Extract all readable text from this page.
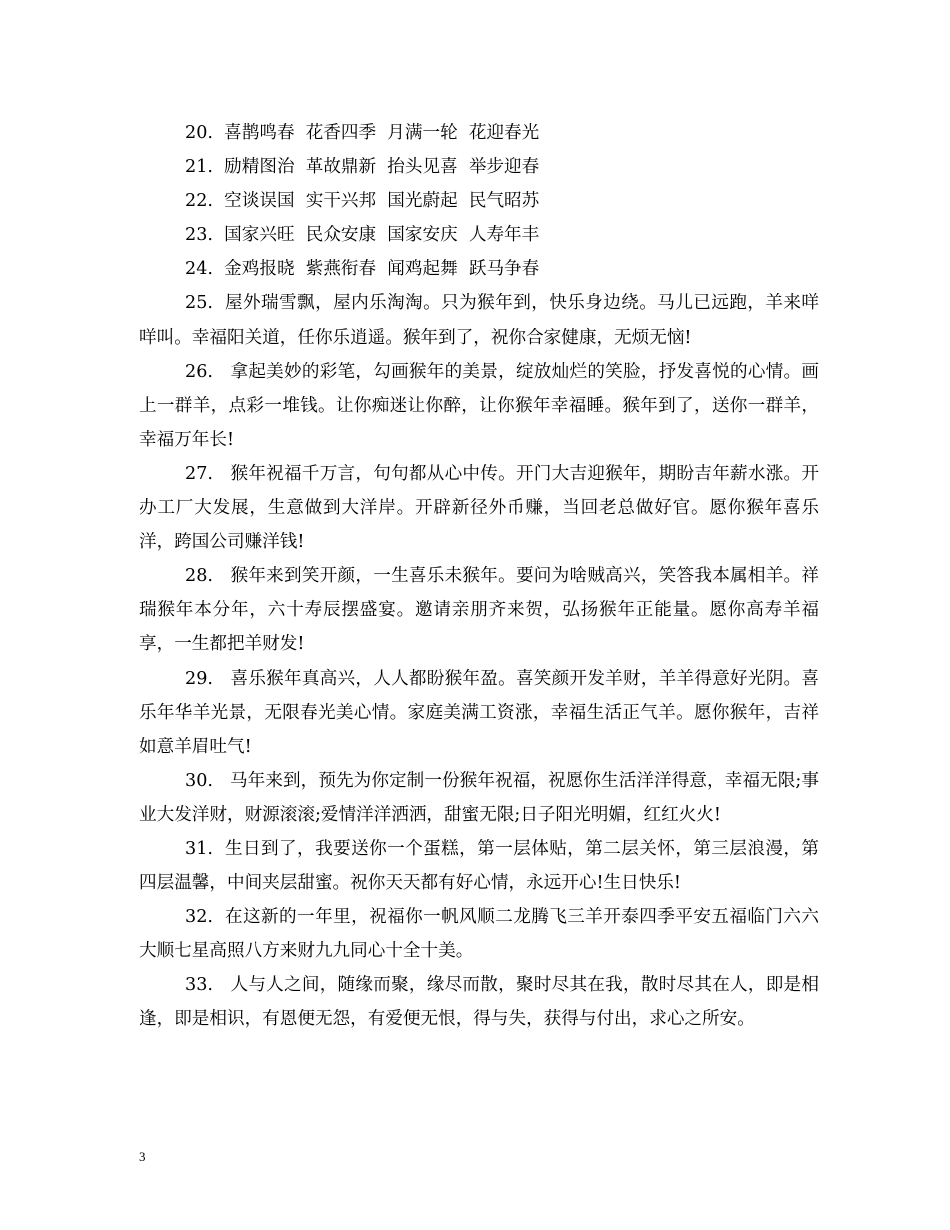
20.  喜鹊鸣春  花香四季  月满一轮  花迎春光

21.  励精图治  革故鼎新  抬头见喜  举步迎春

22.  空谈误国  实干兴邦  国光蔚起  民气昭苏

23.  国家兴旺  民众安康  国家安庆  人寿年丰

24.  金鸡报晓  紫燕衔春  闻鸡起舞  跃马争春

25.  屋外瑞雪飘，屋内乐淘淘。只为猴年到，快乐身边绕。马儿已远跑，羊来咩咩叫。幸福阳关道，任你乐逍遥。猴年到了，祝你合家健康，无烦无恼!

26.   拿起美妙的彩笔，勾画猴年的美景，绽放灿烂的笑脸，抒发喜悦的心情。画上一群羊，点彩一堆钱。让你痴迷让你醉，让你猴年幸福睡。猴年到了，送你一群羊，幸福万年长!

27.   猴年祝福千万言，句句都从心中传。开门大吉迎猴年，期盼吉年薪水涨。开办工厂大发展，生意做到大洋岸。开辟新径外币赚，当回老总做好官。愿你猴年喜乐洋，跨国公司赚洋钱!

28.   猴年来到笑开颜，一生喜乐未猴年。要问为啥贼高兴，笑答我本属相羊。祥瑞猴年本分年，六十寿辰摆盛宴。邀请亲朋齐来贺，弘扬猴年正能量。愿你高寿羊福享，一生都把羊财发!

29.   喜乐猴年真高兴，人人都盼猴年盈。喜笑颜开发羊财，羊羊得意好光阴。喜乐年华羊光景，无限春光美心情。家庭美满工资涨，幸福生活正气羊。愿你猴年，吉祥如意羊眉吐气!

30.   马年来到，预先为你定制一份猴年祝福，祝愿你生活洋洋得意，幸福无限;事   业大发洋财，财源滚滚;爱情洋洋洒洒，甜蜜无限;日子阳光明媚，红红火火!

31.  生日到了，我要送你一个蛋糕，第一层体贴，第二层关怀，第三层浪漫，第四层温馨，中间夹层甜蜜。祝你天天都有好心情，永远开心!生日快乐!

32.  在这新的一年里，祝福你一帆风顺二龙腾飞三羊开泰四季平安五福临门六六大顺七星高照八方来财九九同心十全十美。

33.   人与人之间，随缘而聚，缘尽而散，聚时尽其在我，散时尽其在人，即是相逢，即是相识，有恩便无怨，有爱便无恨，得与失，获得与付出，求心之所安。

3
